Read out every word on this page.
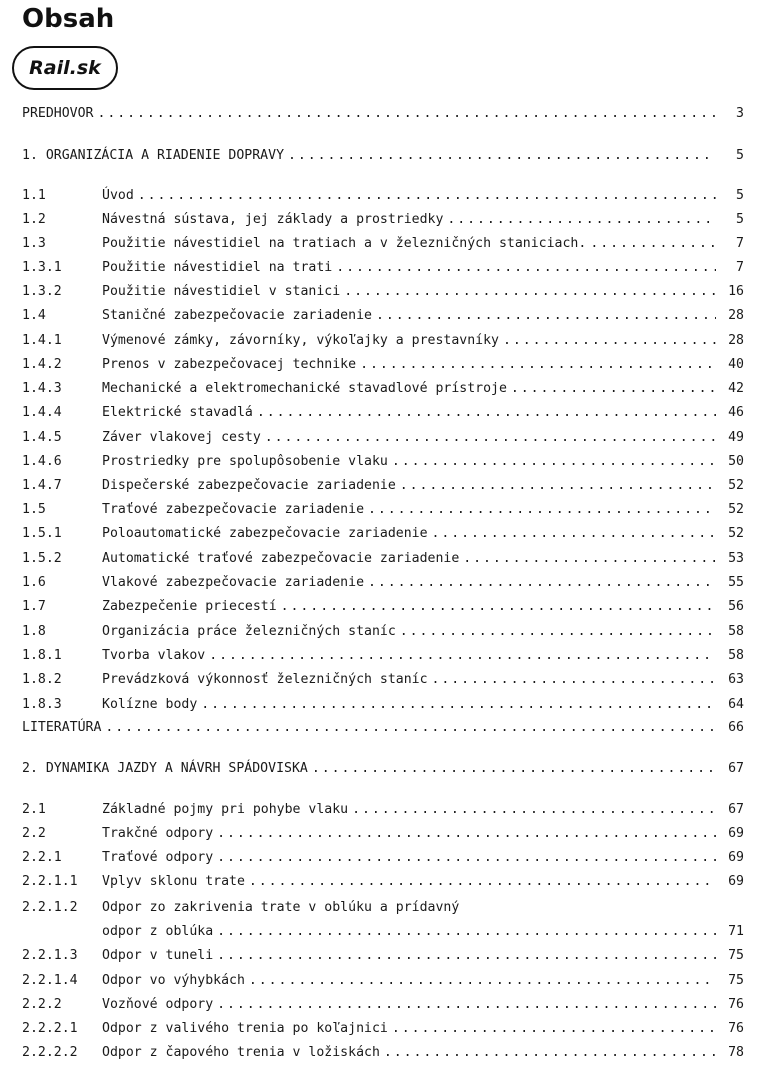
Obsah
Rail.sk
PREDHOVOR . . .	3
1. ORGANIZÁCIA A RIADENIE DOPRAVY . . .	5
1.1	Úvod . . .	5
1.2	Návestná sústava, jej základy a prostriedky . . .	5
1.3	Použitie návestidiel na tratiach a v železničných staniciach. . . .	7
1.3.1	Použitie návestidiel na trati . . .	7
1.3.2	Použitie návestidiel v stanici . . .	16
1.4	Staničné zabezpečovacie zariadenie . . .	28
1.4.1	Výmenové zámky, závorníky, výkoľajky a prestavníky . . .	28
1.4.2	Prenos v zabezpečovacej technike . . .	40
1.4.3	Mechanické a elektromechanické stavadlové prístroje . . .	42
1.4.4	Elektrické stavadlá . . .	46
1.4.5	Záver vlakovej cesty . . .	49
1.4.6	Prostriedky pre spolupôsobenie vlaku . . .	50
1.4.7	Dispečerské zabezpečovacie zariadenie . . .	52
1.5	Traťové zabezpečovacie zariadenie . . .	52
1.5.1	Poloautomatické zabezpečovacie zariadenie . . .	52
1.5.2	Automatické traťové zabezpečovacie zariadenie . . .	53
1.6	Vlakové zabezpečovacie zariadenie . . .	55
1.7	Zabezpečenie priecestí . . .	56
1.8	Organizácia práce železničných staníc . . .	58
1.8.1	Tvorba vlakov . . .	58
1.8.2	Prevádzková výkonnosť železničných staníc . . .	63
1.8.3	Kolízne body . . .	64
LITERATÚRA . . .	66
2. DYNAMIKA JAZDY A NÁVRH SPÁDOVISKA . . .	67
2.1	Základné pojmy pri pohybe vlaku . . .	67
2.2	Trakčné odpory . . .	69
2.2.1	Traťové odpory . . .	69
2.2.1.1	Vplyv sklonu trate . . .	69
2.2.1.2	Odpor zo zakrivenia trate v oblúku a prídavný
odpor z oblúka . . .	71
2.2.1.3	Odpor v tuneli . . .	75
2.2.1.4	Odpor vo výhybkách . . .	75
2.2.2	Vozňové odpory . . .	76
2.2.2.1	Odpor z valivého trenia po koľajnici . . .	76
2.2.2.2	Odpor z čapového trenia v ložiskách . . .	78
